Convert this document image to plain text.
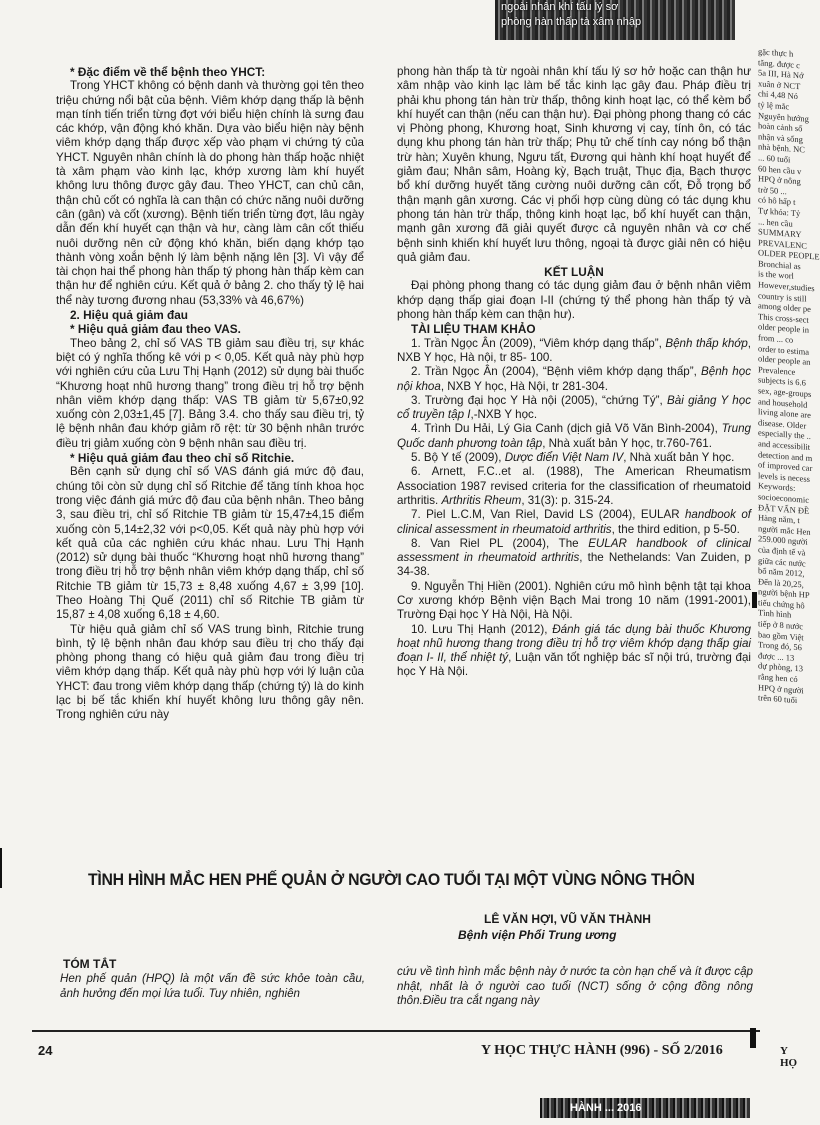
ngoài nhân khí tấu lý sơ
phòng hàn thấp tà xâm nhập
* Đặc điểm về thể bệnh theo YHCT:

Trong YHCT không có bệnh danh và thường gọi tên theo triệu chứng nổi bật của bệnh. Viêm khớp dạng thấp là bệnh mạn tính tiến triển từng đợt với biểu hiện chính là sưng đau các khớp, vận động khó khăn. Dựa vào biểu hiện này bệnh viêm khớp dạng thấp được xếp vào phạm vi chứng tý của YHCT. Nguyên nhân chính là do phong hàn thấp hoặc nhiệt tà xâm phạm vào kinh lạc, khớp xương làm khí huyết không lưu thông được gây đau. Theo YHCT, can chủ cân, thận chủ cốt có nghĩa là can thận có chức năng nuôi dưỡng cân (gân) và cốt (xương). Bệnh tiến triển từng đợt, lâu ngày dẫn đến khí huyết cạn thận và hư, càng làm cân cốt thiếu nuôi dưỡng nên cử động khó khăn, biến dạng khớp tạo thành vòng xoắn bệnh lý làm bệnh nặng lên [3]. Vì vậy để tài chọn hai thể phong hàn thấp tý phong hàn thấp kèm can thận hư để nghiên cứu. Kết quả ở bảng 2. cho thấy tỷ lệ hai thể này tương đương nhau (53,33% và 46,67%)

2. Hiệu quả giảm đau
* Hiệu quả giảm đau theo VAS.

Theo bảng 2, chỉ số VAS TB giảm sau điều trị, sự khác biệt có ý nghĩa thống kê với p < 0,05. Kết quả này phù hợp với nghiên cứu của Lưu Thị Hạnh (2012) sử dụng bài thuốc “Khương hoạt nhũ hương thang” trong điều trị hỗ trợ bệnh nhân viêm khớp dạng thấp: VAS TB giảm từ 5,67±0,92 xuống còn 2,03±1,45 [7]. Bảng 3.4. cho thấy sau điều trị, tỷ lệ bệnh nhân đau khớp giảm rõ rệt: từ 30 bệnh nhân trước điều trị giảm xuống còn 9 bệnh nhân sau điều trị.

* Hiệu quả giảm đau theo chỉ số Ritchie.

Bên cạnh sử dụng chỉ số VAS đánh giá mức độ đau, chúng tôi còn sử dụng chỉ số Ritchie để tăng tính khoa học trong việc đánh giá mức độ đau của bệnh nhân. Theo bảng 3, sau điều trị, chỉ số Ritchie TB giảm từ 15,47±4,15 điểm xuống còn 5,14±2,32 với p<0,05. Kết quả này phù hợp với kết quả của các nghiên cứu khác nhau. Lưu Thị Hạnh (2012) sử dụng bài thuốc “Khương hoạt nhũ hương thang” trong điều trị hỗ trợ bệnh nhân viêm khớp dạng thấp, chỉ số Ritchie TB giảm từ 15,73 ± 8,48 xuống 4,67 ± 3,99 [10]. Theo Hoàng Thị Quế (2011) chỉ số Ritchie TB giảm từ 15,87 ± 4,08 xuống 6,18 ± 4,60.

Từ hiệu quả giảm chỉ số VAS trung bình, Ritchie trung bình, tỷ lệ bệnh nhân đau khớp sau điều trị cho thấy đại phòng phong thang có hiệu quả giảm đau trong điều trị viêm khớp dạng thấp. Kết quả này phù hợp với lý luận của YHCT: đau trong viêm khớp dạng thấp (chứng tý) là do kinh lạc bị bế tắc khiến khí huyết không lưu thông gây nên. Trong nghiên cứu này

phong hàn thấp tà từ ngoài nhân khí tấu lý sơ hở hoặc can thận hư xâm nhập vào kinh lạc làm bế tắc kinh lạc gây đau. Pháp điều trị phải khu phong tán hàn trừ thấp, thông kinh hoạt lạc, có thể kèm bổ khí huyết can thận (nếu can thận hư). Đại phòng phong thang có các vị Phòng phong, Khương hoạt, Sinh khương vị cay, tính ôn, có tác dụng khu phong tán hàn trừ thấp; Phụ tử chế tính cay nóng bổ thận trừ hàn; Xuyên khung, Ngưu tất, Đương qui hành khí hoạt huyết để giảm đau; Nhân sâm, Hoàng kỳ, Bạch truật, Thục địa, Bạch thược bổ khí dưỡng huyết tăng cường nuôi dưỡng cân cốt, Đỗ trọng bổ thận mạnh gân xương. Các vị phối hợp cùng dùng có tác dụng khu phong tán hàn trừ thấp, thông kinh hoạt lạc, bổ khí huyết can thận, mạnh gân xương đã giải quyết được cả nguyên nhân và cơ chế bệnh sinh khiến khí huyết lưu thông, ngoại tà được giải nên có hiệu quả giảm đau.

KẾT LUẬN

Đại phòng phong thang có tác dụng giảm đau ở bệnh nhân viêm khớp dạng thấp giai đoạn I-II (chứng tý thể phong hàn thấp tý và phong hàn thấp kèm can thận hư).

TÀI LIỆU THAM KHẢO

1. Trần Ngọc Ân (2009), “Viêm khớp dạng thấp”, Bệnh thấp khớp, NXB Y học, Hà nội, tr 85- 100.

2. Trần Ngọc Ân (2004), “Bệnh viêm khớp dạng thấp”, Bệnh học nội khoa, NXB Y học, Hà Nội, tr 281-304.

3. Trường đại học Y Hà nội (2005), “chứng Tý”, Bài giảng Y học cổ truyền tập I,-NXB Y học.

4. Trình Du Hải, Lý Gia Canh (dịch giả Võ Văn Bình-2004), Trung Quốc danh phương toàn tập, Nhà xuất bản Y học, tr.760-761.

5. Bộ Y tế (2009), Dược điển Việt Nam IV, Nhà xuất bản Y học.

6. Arnett, F.C..et al. (1988), The American Rheumatism Association 1987 revised criteria for the classification of rheumatoid arthritis. Arthritis Rheum, 31(3): p. 315-24.

7. Piel L.C.M, Van Riel, David LS (2004), EULAR handbook of clinical assessment in rheumatoid arthritis, the third edition, p 5-50.

8. Van Riel PL (2004), The EULAR handbook of clinical assessment in rheumatoid arthritis, the Nethelands: Van Zuiden, p 34-38.

9. Nguyễn Thị Hiền (2001). Nghiên cứu mô hình bệnh tật tại khoa Cơ xương khớp Bệnh viện Bạch Mai trong 10 năm (1991-2001), Trường Đại học Y Hà Nội, Hà Nội.

10. Lưu Thị Hạnh (2012), Đánh giá tác dụng bài thuốc Khương hoạt nhũ hương thang trong điều trị hỗ trợ viêm khớp dạng thấp giai đoạn I- II, thể nhiệt tý, Luận văn tốt nghiệp bác sĩ nội trú, trường đại học Y Hà Nội.

gặc thực h
tăng. được c
5a III, Hà Nớ
xuân ở NCT
chỉ 4,48 Nó
tỷ lệ mắc
Nguyên hướng
hoàn cảnh số
nhận và sống
nhà bệnh. NC
... 60 tuổi
60 hen cầu v
HPQ ở nông
trờ 50 ...
có hô hấp t
Tự khóa: Tỷ
... hen cầu
SUMMARY
PREVALENC
OLDER PEOPLE
Bronchial as
is the worl
However,studies
country is still
among older pe
This cross-sect
older people in
from ... co
order to estima
older people an
Prevalence
subjects is 6.6
sex, age-groups
and household
living alone are
disease. Older
especially the ..
and accessibilit
detection and m
of improved car
levels is necess
Keywords:
socioeconomic
ĐẶT VẤN ĐỀ
Hàng năm, t
người mắc Hen
259.000 người
của định tế và
giữa các nước
bổ năm 2012,
Đến là 20,25,
người bệnh HP
tiếu chứng hô
Tình hình
tiếp ở 8 nước
bao gồm Việt
Trong đó, 56
được ... 13
dự phòng, 13
rằng hen có
HPQ ở người
trên 60 tuổi
TÌNH HÌNH MẮC HEN PHẾ QUẢN Ở NGƯỜI CAO TUỔI TẠI MỘT VÙNG NÔNG THÔN
LÊ VĂN HỢI, VŨ VĂN THÀNH
Bệnh viện Phổi Trung ương
TÓM TẮT
Hen phế quản (HPQ) là một vấn đề sức khỏe toàn cầu, ảnh hưởng đến mọi lứa tuổi. Tuy nhiên, nghiên
cứu về tình hình mắc bệnh này ở nước ta còn hạn chế và ít được cập nhật, nhất là ở người cao tuổi (NCT) sống ở cộng đồng nông thôn.Điều tra cắt ngang này
24	Y HỌC THỰC HÀNH (996) - SỐ 2/2016	Y HỌ
HÀNH ... 2016
